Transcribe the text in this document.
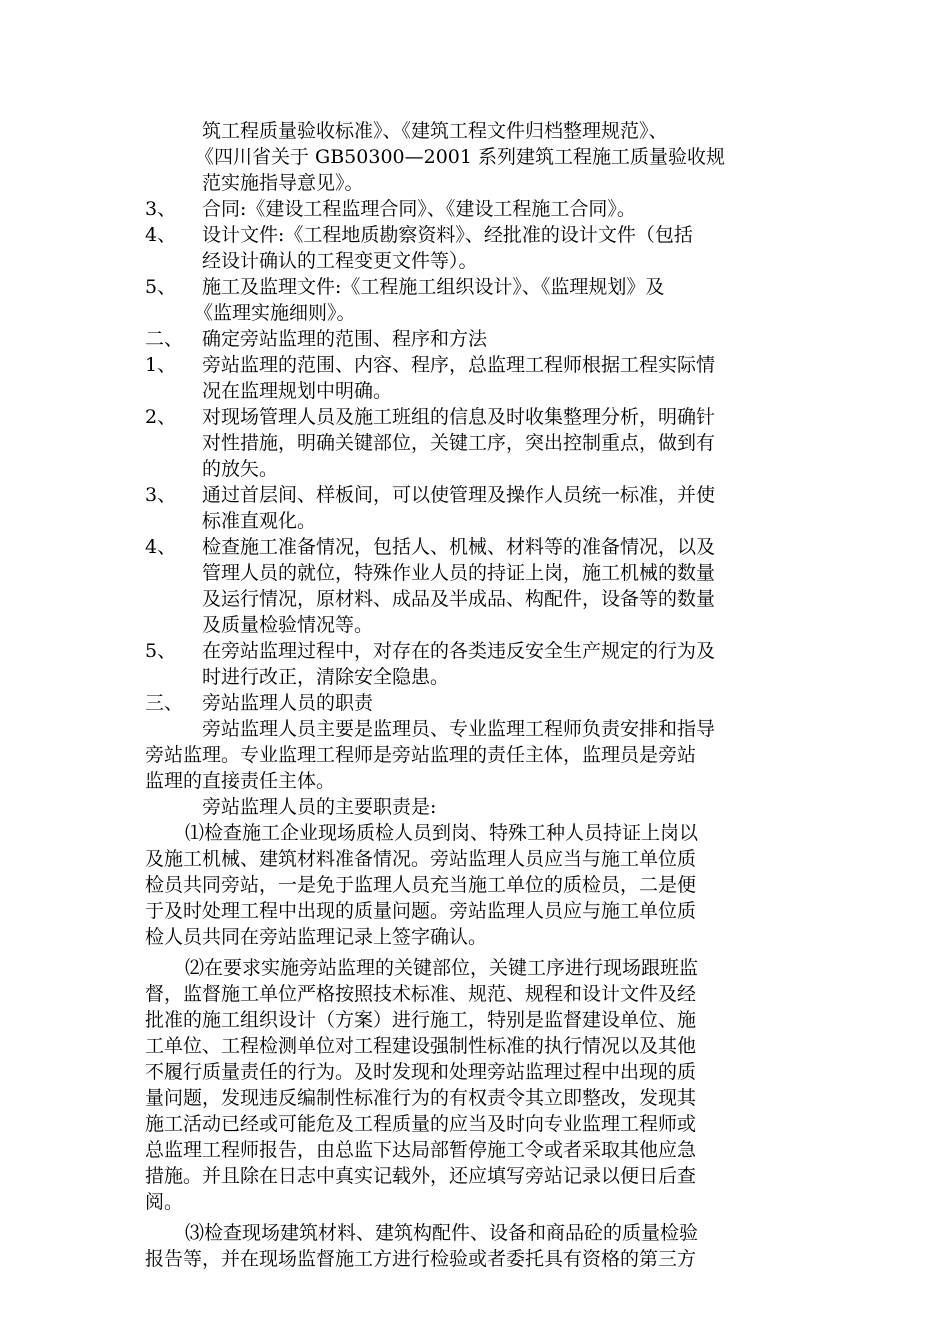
筑工程质量验收标准》、《建筑工程文件归档整理规范》、
《四川省关于 GB50300—2001 系列建筑工程施工质量验收规
范实施指导意见》。
3、	合同:《建设工程监理合同》、《建设工程施工合同》。
4、	设计文件:《工程地质勘察资料》、经批准的设计文件（包括
经设计确认的工程变更文件等）。
5、	施工及监理文件:《工程施工组织设计》、《监理规划》及
《监理实施细则》。
二、 确定旁站监理的范围、程序和方法
1、	旁站监理的范围、内容、程序，总监理工程师根据工程实际情
况在监理规划中明确。
2、	对现场管理人员及施工班组的信息及时收集整理分析，明确针
对性措施，明确关键部位，关键工序，突出控制重点，做到有
的放矢。
3、	通过首层间、样板间，可以使管理及操作人员统一标准，并使
标准直观化。
4、	检查施工准备情况，包括人、机械、材料等的准备情况，以及
管理人员的就位，特殊作业人员的持证上岗，施工机械的数量
及运行情况，原材料、成品及半成品、构配件，设备等的数量
及质量检验情况等。
5、	在旁站监理过程中，对存在的各类违反安全生产规定的行为及
时进行改正，清除安全隐患。
三、 旁站监理人员的职责
旁站监理人员主要是监理员、专业监理工程师负责安排和指导
旁站监理。专业监理工程师是旁站监理的责任主体，监理员是旁站
监理的直接责任主体。
旁站监理人员的主要职责是:
⑴检查施工企业现场质检人员到岗、特殊工种人员持证上岗以
及施工机械、建筑材料准备情况。旁站监理人员应当与施工单位质
检员共同旁站，一是免于监理人员充当施工单位的质检员，二是便
于及时处理工程中出现的质量问题。旁站监理人员应与施工单位质
检人员共同在旁站监理记录上签字确认。
⑵在要求实施旁站监理的关键部位，关键工序进行现场跟班监
督，监督施工单位严格按照技术标准、规范、规程和设计文件及经
批准的施工组织设计（方案）进行施工，特别是监督建设单位、施
工单位、工程检测单位对工程建设强制性标准的执行情况以及其他
不履行质量责任的行为。及时发现和处理旁站监理过程中出现的质
量问题，发现违反编制性标准行为的有权责令其立即整改，发现其
施工活动已经或可能危及工程质量的应当及时向专业监理工程师或
总监理工程师报告，由总监下达局部暂停施工令或者采取其他应急
措施。并且除在日志中真实记载外，还应填写旁站记录以便日后查
阅。
⑶检查现场建筑材料、建筑构配件、设备和商品砼的质量检验
报告等，并在现场监督施工方进行检验或者委托具有资格的第三方
